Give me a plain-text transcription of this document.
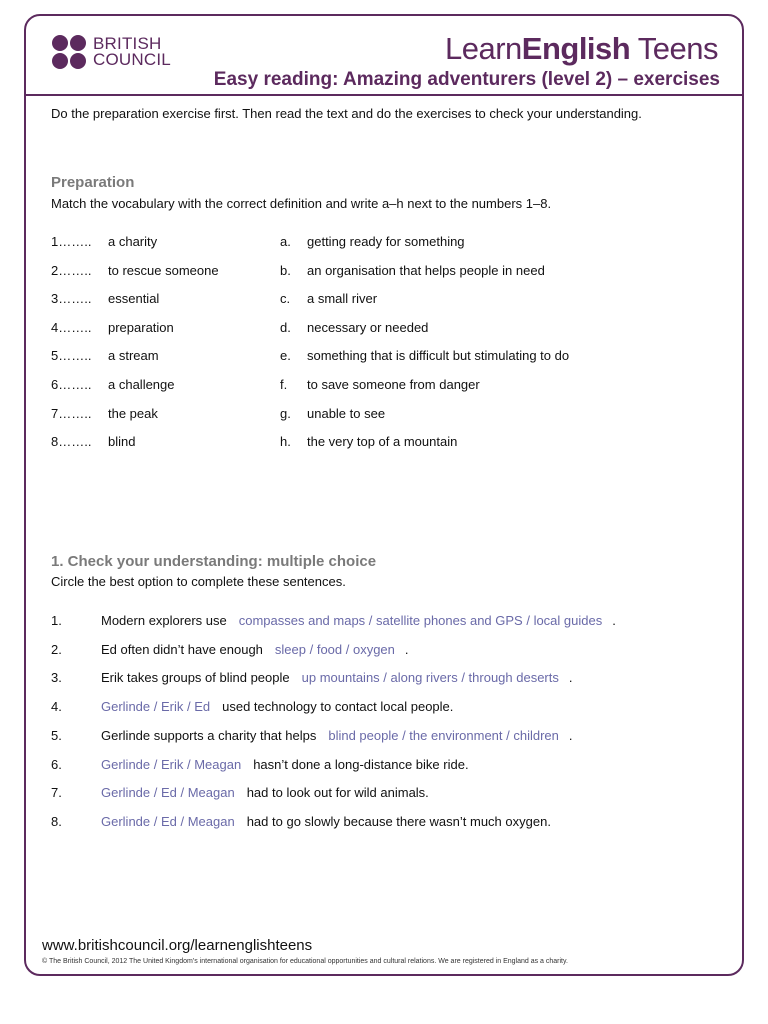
BRITISH
COUNCIL	LearnEnglish Teens
Easy reading: Amazing adventurers (level 2) – exercises
Do the preparation exercise first. Then read the text and do the exercises to check your understanding.
Preparation
Match the vocabulary with the correct definition and write a–h next to the numbers 1–8.
1…….. a charity	a. getting ready for something
2…….. to rescue someone	b. an organisation that helps people in need
3…….. essential	c. a small river
4…….. preparation	d. necessary or needed
5…….. a stream	e. something that is difficult but stimulating to do
6…….. a challenge	f. to save someone from danger
7…….. the peak	g. unable to see
8…….. blind	h. the very top of a mountain
1. Check your understanding: multiple choice
Circle the best option to complete these sentences.
1.	Modern explorers use compasses and maps / satellite phones and GPS / local guides .
2.	Ed often didn’t have enough sleep / food / oxygen .
3.	Erik takes groups of blind people up mountains / along rivers / through deserts .
4.	Gerlinde / Erik / Ed used technology to contact local people.
5.	Gerlinde supports a charity that helps blind people / the environment / children .
6.	Gerlinde / Erik / Meagan hasn’t done a long-distance bike ride.
7.	Gerlinde / Ed / Meagan had to look out for wild animals.
8.	Gerlinde / Ed / Meagan had to go slowly because there wasn’t much oxygen.
www.britishcouncil.org/learnenglishteens
© The British Council, 2012 The United Kingdom’s international organisation for educational opportunities and cultural relations. We are registered in England as a charity.
